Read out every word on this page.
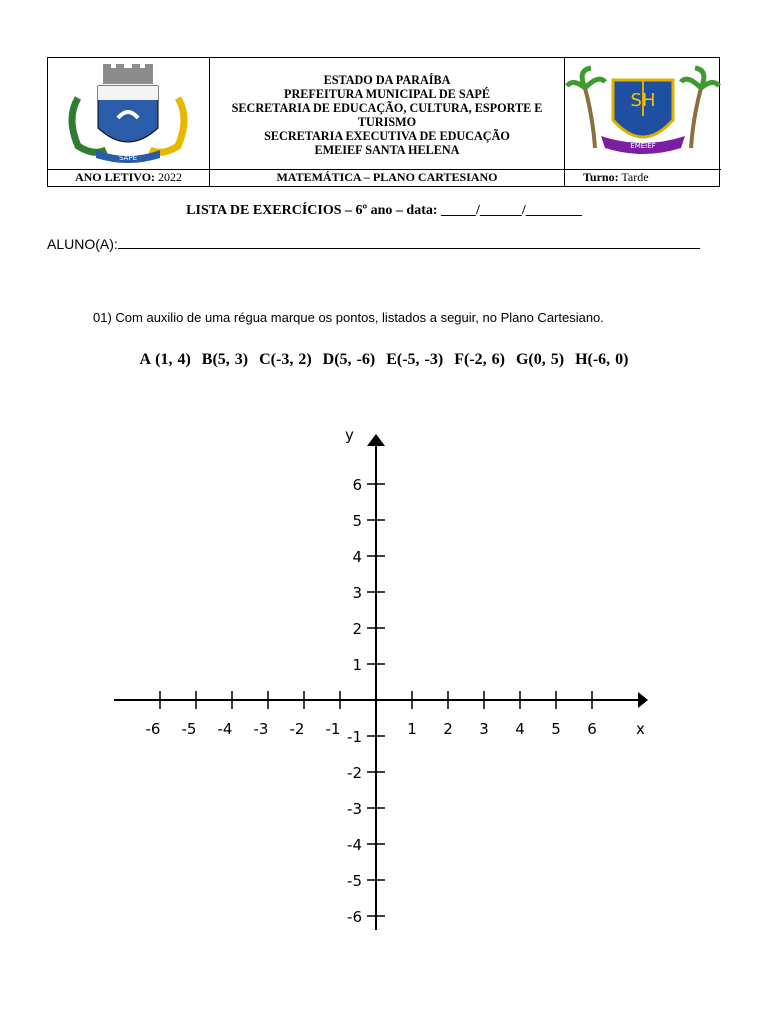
SAPÉ
ESTADO DA PARAÍBA
PREFEITURA MUNICIPAL DE SAPÉ
SECRETARIA DE EDUCAÇÃO, CULTURA, ESPORTE E
TURISMO
SECRETARIA EXECUTIVA DE EDUCAÇÃO
EMEIEF SANTA HELENA
SH
EMEIEF
ANO LETIVO: 2022	MATEMÁTICA – PLANO CARTESIANO	Turno: Tarde
LISTA DE EXERCÍCIOS – 6º ano – data: _____/______/________
ALUNO(A):
01) Com auxilio de uma régua marque os pontos, listados a seguir, no Plano Cartesiano.
A (1, 4) B(5, 3) C(-3, 2) D(5, -6) E(-5, -3) F(-2, 6) G(0, 5) H(-6, 0)
x
y
-6 -5 -4 -3 -2 -1	1 2 3 4 5 6
6
5
4
3
2
1
-1
-2
-3
-4
-5
-6
